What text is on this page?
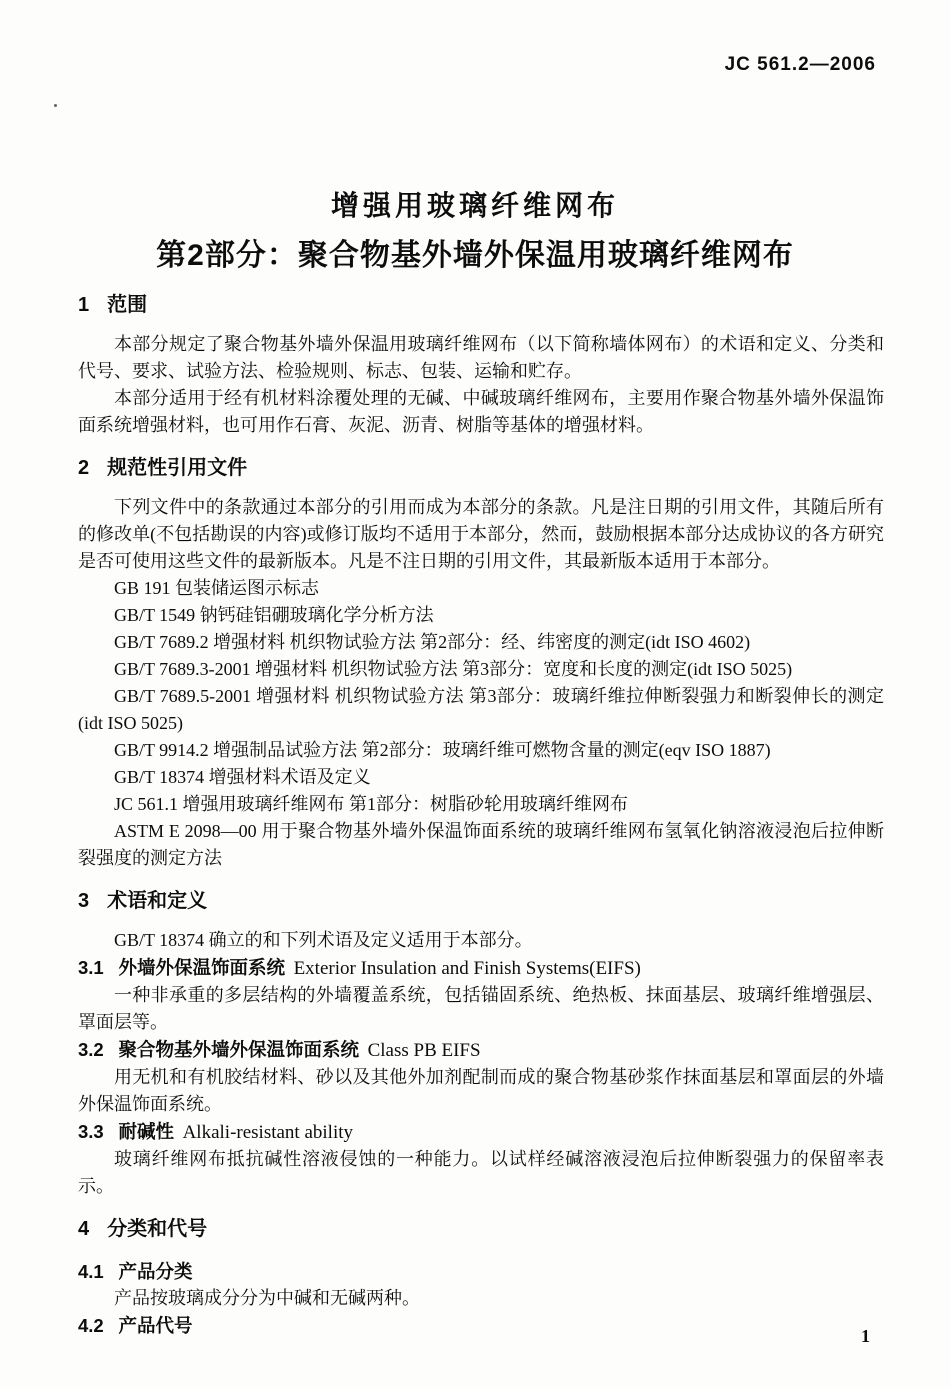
JC 561.2—2006
增强用玻璃纤维网布
第2部分：聚合物基外墙外保温用玻璃纤维网布
1 范围
本部分规定了聚合物基外墙外保温用玻璃纤维网布（以下简称墙体网布）的术语和定义、分类和代号、要求、试验方法、检验规则、标志、包装、运输和贮存。
本部分适用于经有机材料涂覆处理的无碱、中碱玻璃纤维网布，主要用作聚合物基外墙外保温饰面系统增强材料，也可用作石膏、灰泥、沥青、树脂等基体的增强材料。
2 规范性引用文件
下列文件中的条款通过本部分的引用而成为本部分的条款。凡是注日期的引用文件，其随后所有的修改单(不包括勘误的内容)或修订版均不适用于本部分，然而，鼓励根据本部分达成协议的各方研究是否可使用这些文件的最新版本。凡是不注日期的引用文件，其最新版本适用于本部分。
GB 191 包装储运图示标志
GB/T 1549 钠钙硅铝硼玻璃化学分析方法
GB/T 7689.2 增强材料 机织物试验方法 第2部分：经、纬密度的测定(idt ISO 4602)
GB/T 7689.3-2001 增强材料 机织物试验方法 第3部分：宽度和长度的测定(idt ISO 5025)
GB/T 7689.5-2001 增强材料 机织物试验方法 第3部分：玻璃纤维拉伸断裂强力和断裂伸长的测定(idt ISO 5025)
GB/T 9914.2 增强制品试验方法 第2部分：玻璃纤维可燃物含量的测定(eqv ISO 1887)
GB/T 18374 增强材料术语及定义
JC 561.1 增强用玻璃纤维网布 第1部分：树脂砂轮用玻璃纤维网布
ASTM E 2098—00 用于聚合物基外墙外保温饰面系统的玻璃纤维网布氢氧化钠溶液浸泡后拉伸断裂强度的测定方法
3 术语和定义
GB/T 18374 确立的和下列术语及定义适用于本部分。
3.1 外墙外保温饰面系统 Exterior Insulation and Finish Systems(EIFS)
一种非承重的多层结构的外墙覆盖系统，包括锚固系统、绝热板、抹面基层、玻璃纤维增强层、罩面层等。
3.2 聚合物基外墙外保温饰面系统 Class PB EIFS
用无机和有机胶结材料、砂以及其他外加剂配制而成的聚合物基砂浆作抹面基层和罩面层的外墙外保温饰面系统。
3.3 耐碱性 Alkali-resistant ability
玻璃纤维网布抵抗碱性溶液侵蚀的一种能力。以试样经碱溶液浸泡后拉伸断裂强力的保留率表示。
4 分类和代号
4.1 产品分类
产品按玻璃成分分为中碱和无碱两种。
4.2 产品代号	1
